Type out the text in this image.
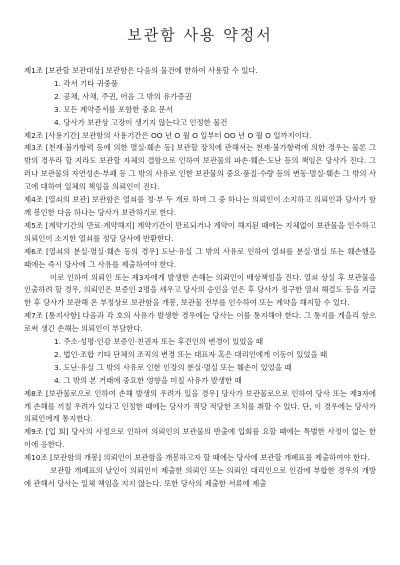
보관함 사용 약정서

제1조 [보관할 보관대상] 보관함은 다음의 물건에 한하여 사용할 수 있다.

1. 각서 기타 귀중품

2. 공채, 사채, 주권, 어음 그 밖의 유가증권

3. 모든 계약증서를 포함한 중요 문서

4. 당사가 보관상 고장이 생기지 않는다고 인정한 물건

제2조 [사용기간] 보관함의 사용기간은 OO 년 O 월 O 일부터 OO 년 O 월 O 일까지이다.

제3조 [천재·불가항력 등에 의한 멸실·훼손 등] 보관할 장치에 관해서는 천재·불가항력에 의한 경우는 물론 그 밖의 경우라 할 지라도 보관할 자체의 결함으로 인하여 보관물의 파손·훼손·도난 등의 책임은 당사가 진다. 그러나 보관물의 자연성손·부패 등 그 밖의 사유로 인한 보관물의 중요·품질·수량 등의 변동·멸실·훼손 그 밖의 사고에 대하여 일체의 책임을 의뢰인이 진다.

제4조 [열쇠의 보관] 보관함은 열쇠를 정·부 두 개로 하며 그 중 하나는 의뢰인이 소지하고 의뢰인과 당사가 함께 봉인한 다음 하나는 당사가 보관하기로 한다.

제5조 [계약기간의 만료·계약해지] 계약기간이 만료되거나 계약이 해지된 때에는 지체없이 보관물을 인수하고 의뢰인이 소지한 열쇠를 정당 당사에 반환한다.

제6조 [열쇠의 분실·멸실·훼손 등의 경우] 도난·유실 그 밖의 사유로 인하여 열쇠를 분실·멸실 또는 훼손했을 때에는 즉시 당사에 그 사유를 제출하여야 한다.

이로 인하여 의뢰인 또는 제3자에게 발생한 손해는 의뢰인이 배상책임을 진다. 열쇠 상실 후 보관물을 인출하려 할 경우, 의뢰인은 보증인 2명을 세우고 당사의 승인을 얻은 후 당사가 정구한 열쇠 해결도 등을 지급한 후 당사가 보관해 온 부정상로 보관함을 개봉, 보관물 전부를 인수하여 또는 계약을 해지할 수 있다.

제7조 [통지사항] 다음과 각 호의 사유가 발생한 경우에는 당사는 이를 통지해야 한다. 그 통지를 게을리 함으로써 생긴 손해는 의뢰인이 부담한다.

1. 주소·성명·인감 보증인·친권자 또는 후견인의 변경이 있었을 때

2. 법인·조합 기타 단체의 조직의 변경 또는 대표자 혹은 대리인에게 이동이 있었을 때

3. 도난·유실 그 밖의 사유로 인한 인장의 분실·멸실 또는 훼손이 있었을 때

4. 그 밖의 본 거래에 중요한 영향을 미칠 사유가 발생한 때

제8조 [보관물로으로 인하여 손해 발생의 우려가 있을 경우] 당사가 보관물로으로 인하여 당사 또는 제3자에게 손해를 끼칠 우려가 있다고 인정한 때에는 당사가 적당 적당한 조치를 취할 수 있다. 단, 이 경우에는 당사가 의뢰인에게 통지한다.

제9조 [입 회] 당사의 사정으로 인하여 의뢰인의 보관물의 반출에 입회를 요할 때에는 특별한 사정이 없는 한 이에 응한다.

제10조 [보관함의 개봉] 의뢰인이 보관함을 개봉하고자 할 때에는 당사에 보관할 개폐표를 제출하여야 한다.

보관할 개폐표의 날인이 의뢰인이 제출한 의뢰인 또는 의뢰인 대리인으로 인감에 부합한 경우의 개방에 관해서 당사는 일체 책임을 지지 않는다. 또한 당사의 제출한 서류에 제출
